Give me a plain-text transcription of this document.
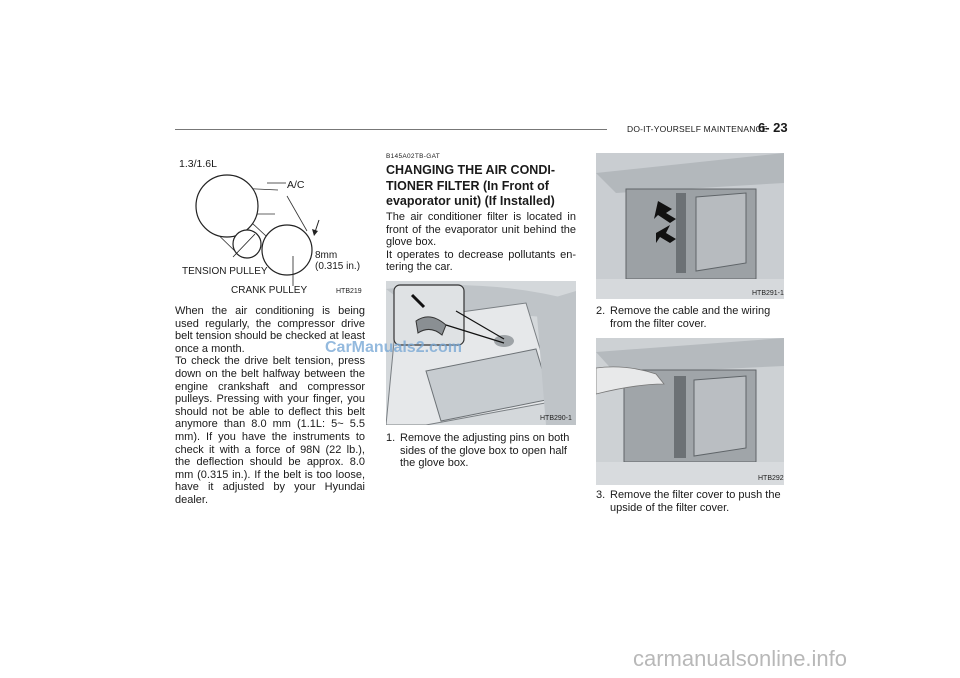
DO-IT-YOURSELF MAINTENANCE
6- 23
1.3/1.6L
A/C
8mm
(0.315 in.)
TENSION PULLEY
CRANK PULLEY	HTB219

When the air conditioning is being used regularly, the compressor drive belt tension should be checked at least once a month.

To check the drive belt tension, press down on the belt halfway between the engine crankshaft and compressor pulleys. Pressing with your finger, you should not be able to deflect this belt anymore than 8.0 mm (1.1L: 5~ 5.5 mm). If you have the instruments to check it with a force of 98N (22 lb.), the deflection should be approx. 8.0 mm (0.315 in.). If the belt is too loose, have it adjusted by your Hyundai dealer.

B145A02TB-GAT
CHANGING THE AIR CONDI-TIONER FILTER (In Front of evaporator unit) (If Installed)

The air conditioner filter is located in front of the evaporator unit behind the glove box.

It operates to decrease pollutants en-tering the car.

HTB290-1
1. Remove the adjusting pins on both sides of the glove box to open half the glove box.
HTB291-1
2. Remove the cable and the wiring from the filter cover.
HTB292
3. Remove the filter cover to push the upside of the filter cover.
CarManuals2.com
carmanualsonline.info
